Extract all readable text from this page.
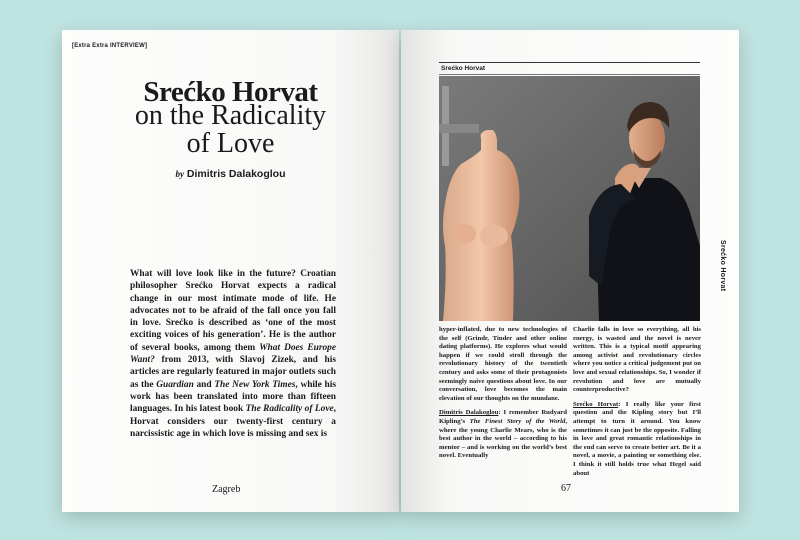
[Extra Extra INTERVIEW]
Srećko Horvat
on the Radicality
of Love
by Dimitris Dalakoglou
What will love look like in the future? Croatian philosopher Srećko Horvat expects a radical change in our most intimate mode of life. He advocates not to be afraid of the fall once you fall in love. Srećko is described as ‘one of the most exciting voices of his generation’. He is the author of several books, among them What Does Europe Want? from 2013, with Slavoj Zizek, and his articles are regularly featured in major outlets such as the Guardian and The New York Times, while his work has been translated into more than fifteen languages. In his latest book The Radicality of Love, Horvat considers our twenty-first century a narcissistic age in which love is missing and sex is
Zagreb
Srećko Horvat
Srećko Horvat

hyper-inflated, due to new technologies of the self (Grindr, Tinder and other online dating platforms). He explores what would happen if we could stroll through the revolutionary history of the twentieth century and asks some of their protagonists seemingly naive questions about love. In our conversation, love becomes the main elevation of our thoughts on the mundane.

Dimitris Dalakoglou: I remember Rudyard Kipling’s The Finest Story of the World, where the young Charlie Mears, who is the best author in the world – according to his mentor – and is working on the world’s best novel. Eventually

Charlie falls in love so everything, all his energy, is wasted and the novel is never written. This is a typical motif appearing among activist and revolutionary circles where you notice a critical judgement put on love and sexual relationships. So, I wonder if revolution and love are mutually counterproductive?

Srećko Horvat: I really like your first question and the Kipling story but I’ll attempt to turn it around. You know sometimes it can just be the opposite. Falling in love and great romantic relationships in the end can serve to create better art. Be it a novel, a movie, a painting or something else. I think it still holds true what Hegel said about

67
